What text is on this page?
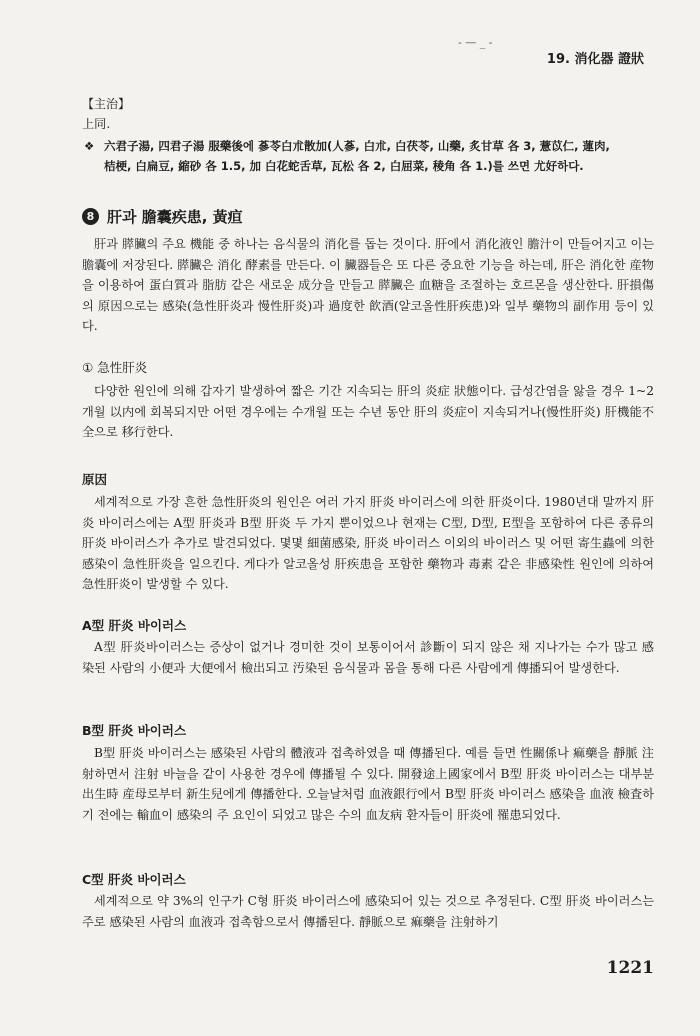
- — _ -
19. 消化器 證狀
【主治】
上同.
❖ 六君子湯, 四君子湯 服藥後에 蔘苓白朮散加(人蔘, 白朮, 白茯苓, 山藥, 炙甘草 各 3, 薏苡仁, 蓮肉,
桔梗, 白扁豆, 縮砂 各 1.5, 加 白花蛇舌草, 瓦松 各 2, 白屈菜, 稜角 各 1.)를 쓰면 尤好하다.
8 肝과 膽囊疾患, 黃疸
肝과 膵臟의 주요 機能 중 하나는 음식물의 消化를 돕는 것이다. 肝에서 消化液인 膽汁이 만들어지고 이는 膽囊에 저장된다. 膵臟은 消化 酵素를 만든다. 이 臟器들은 또 다른 중요한 기능을 하는데, 肝은 消化한 産物을 이용하여 蛋白質과 脂肪 같은 새로운 成分을 만들고 膵臟은 血糖을 조절하는 호르몬을 생산한다. 肝損傷의 原因으로는 感染(急性肝炎과 慢性肝炎)과 過度한 飮酒(알코올性肝疾患)와 일부 藥物의 副作用 등이 있다.
① 急性肝炎
다양한 원인에 의해 갑자기 발생하여 짧은 기간 지속되는 肝의 炎症 狀態이다. 급성간염을 앓을 경우 1~2개월 以内에 회복되지만 어떤 경우에는 수개월 또는 수년 동안 肝의 炎症이 지속되거나(慢性肝炎) 肝機能不全으로 移行한다.
原因
세계적으로 가장 흔한 急性肝炎의 원인은 여러 가지 肝炎 바이러스에 의한 肝炎이다. 1980년대 말까지 肝炎 바이러스에는 A型 肝炎과 B型 肝炎 두 가지 뿐이었으나 현재는 C型, D型, E型을 포함하여 다른 종류의 肝炎 바이러스가 추가로 발견되었다. 몇몇 細菌感染, 肝炎 바이러스 이외의 바이러스 및 어떤 寄生蟲에 의한 感染이 急性肝炎을 일으킨다. 게다가 알코올성 肝疾患을 포함한 藥物과 毒素 같은 非感染性 원인에 의하여 急性肝炎이 발생할 수 있다.
A型 肝炎 바이러스
A型 肝炎바이러스는 증상이 없거나 경미한 것이 보통이어서 診斷이 되지 않은 채 지나가는 수가 많고 感染된 사람의 小便과 大便에서 檢出되고 汚染된 음식물과 몸을 통해 다른 사람에게 傳播되어 발생한다.
B型 肝炎 바이러스
B型 肝炎 바이러스는 感染된 사람의 體液과 접촉하였을 때 傳播된다. 예를 들면 性關係나 痲藥을 靜脈 注射하면서 注射 바늘을 같이 사용한 경우에 傳播될 수 있다. 開發途上國家에서 B型 肝炎 바이러스는 대부분 出生時 産母로부터 新生兒에게 傳播한다. 오늘날처럼 血液銀行에서 B型 肝炎 바이러스 感染을 血液 檢査하기 전에는 輸血이 感染의 주 요인이 되었고 많은 수의 血友病 환자들이 肝炎에 罹患되었다.
C型 肝炎 바이러스
세계적으로 약 3%의 인구가 C형 肝炎 바이러스에 感染되어 있는 것으로 추정된다. C型 肝炎 바이러스는 주로 感染된 사람의 血液과 접촉함으로서 傳播된다. 靜脈으로 痲藥을 注射하기
1221
